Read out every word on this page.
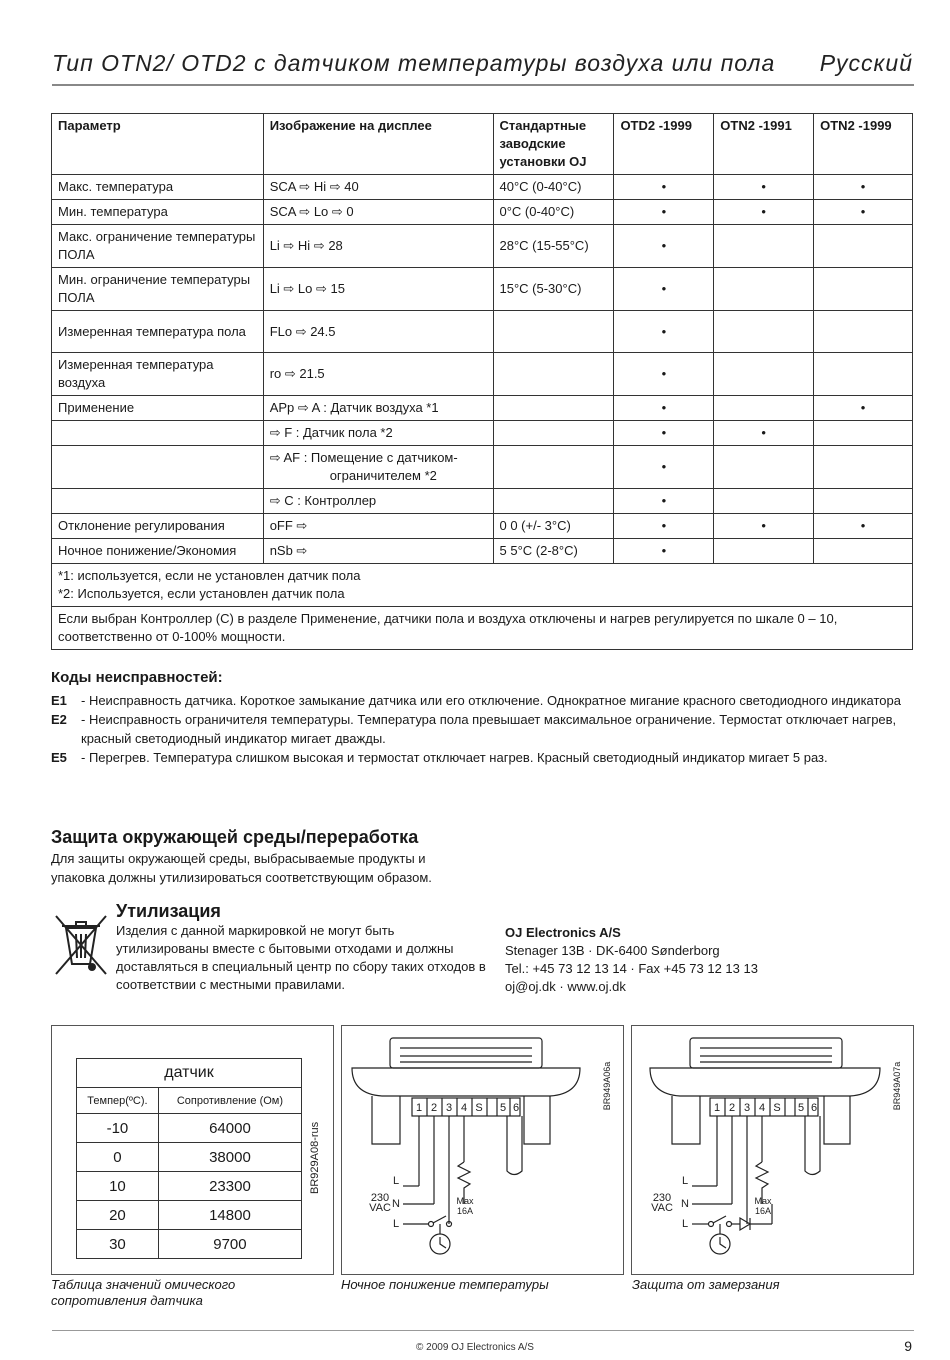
Тип OTN2/ OTD2 с датчиком температуры воздуха или пола Русский
Параметр	Изображение на дисплее	Стандартные заводские установки OJ	OTD2 -1999	OTN2 -1991	OTN2 -1999
Макс. температура	SCA ⇨ Hi ⇨ 40	40°C (0-40°C)	•	•	•
Мин. температура	SCA ⇨ Lo ⇨ 0	0°C (0-40°C)	•	•	•
Макс. ограничение температуры ПОЛА	Li ⇨ Hi ⇨ 28	28°C (15-55°C)	•		
Мин. ограничение температуры ПОЛА	Li ⇨ Lo ⇨ 15	15°C (5-30°C)	•		
Измеренная температура пола	FLo ⇨ 24.5		•		
Измеренная температура воздуха	ro ⇨ 21.5		•		
Применение	APp ⇨ A : Датчик воздуха *1		•		•
	⇨ F : Датчик пола *2		•	•	

	⇨ AF : Помещение с датчиком-
ограничителем *2		•		
	⇨ C : Контроллер		•		
Отклонение регулирования	oFF ⇨	0 0 (+/- 3°C)	•	•	•
Ночное понижение/Экономия	nSb ⇨	5 5°C (2-8°C)	•		

*1: используется, если не установлен датчик пола
*2: Используется, если установлен датчик пола					

Если выбран Контроллер (С) в разделе Применение, датчики пола и воздуха отключены и нагрев регулируется по шкале 0 – 10, соответственно от 0-100% мощности.					
Коды неисправностей:
E1	- Неисправность датчика. Короткое замыкание датчика или его отключение. Однократное мигание красного светодиодного индикатора
E2	- Неисправность ограничителя температуры. Температура пола превышает максимальное ограничение. Термостат отключает нагрев, красный светодиодный индикатор мигает дважды.
E5	- Перегрев. Температура слишком высокая и термостат отключает нагрев. Красный светодиодный индикатор мигает 5 раз.
Защита окружающей среды/переработка
Для защиты окружающей среды, выбрасываемые продукты и упаковка должны утилизироваться соответствующим образом.
Утилизация
Изделия с данной маркировкой не могут быть утилизированы вместе с бытовыми отходами и должны доставляться в специальный центр по сбору таких отходов в соответствии с местными правилами.
OJ Electronics A/S
Stenager 13B · DK-6400 Sønderborg
Tel.: +45 73 12 13 14 · Fax +45 73 12 13 13
oj@oj.dk · www.oj.dk
датчик	
Темпер(ºC).	Сопротивление (Ом)
-10	64000
0	38000
10	23300
20	14800
30	9700
BR929A08-rus
1 2 3 4 S 5 6
L
N
L
230
VAC
Max
16A
BR949A06a	1 2 3 4 S 5 6
L
N
L
230
VAC
Max
16A
BR949A07a
Таблица значений омического
сопротивления датчика
Ночное понижение температуры	Защита от замерзания
© 2009 OJ Electronics A/S	9
